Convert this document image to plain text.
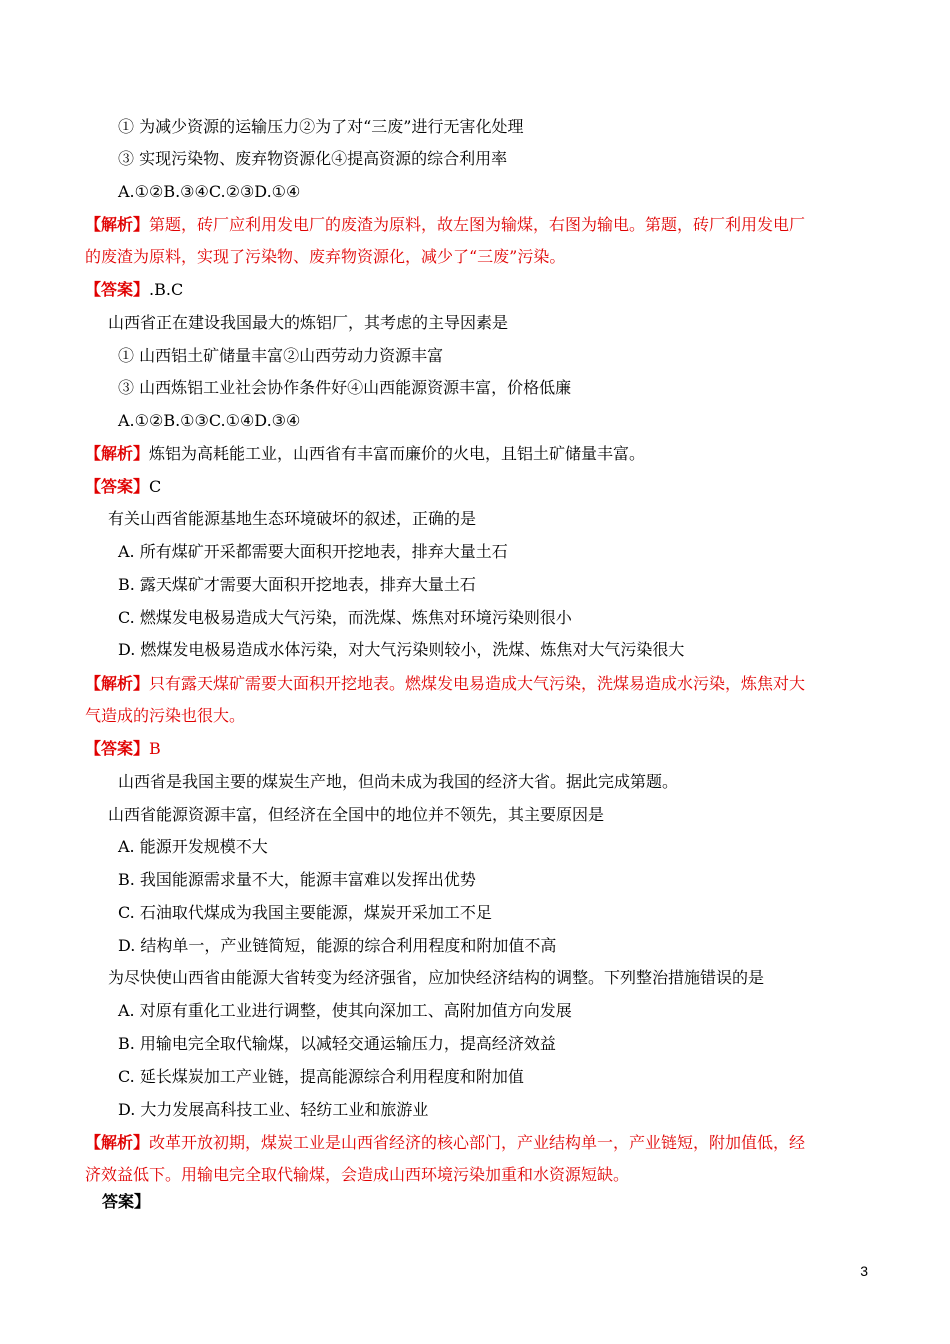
① 为减少资源的运输压力②为了对“三废”进行无害化处理
③ 实现污染物、废弃物资源化④提高资源的综合利用率
A.①②B.③④C.②③D.①④
【解析】第题，砖厂应利用发电厂的废渣为原料，故左图为输煤，右图为输电。第题，砖厂利用发电厂
的废渣为原料，实现了污染物、废弃物资源化，减少了“三废”污染。
【答案】.B.C
山西省正在建设我国最大的炼铝厂，其考虑的主导因素是
① 山西铝土矿储量丰富②山西劳动力资源丰富
③ 山西炼铝工业社会协作条件好④山西能源资源丰富，价格低廉
A.①②B.①③C.①④D.③④
【解析】炼铝为高耗能工业，山西省有丰富而廉价的火电，且铝土矿储量丰富。
【答案】C
有关山西省能源基地生态环境破坏的叙述，正确的是
A. 所有煤矿开采都需要大面积开挖地表，排弃大量土石
B. 露天煤矿才需要大面积开挖地表，排弃大量土石
C. 燃煤发电极易造成大气污染，而洗煤、炼焦对环境污染则很小
D. 燃煤发电极易造成水体污染，对大气污染则较小，洗煤、炼焦对大气污染很大
【解析】只有露天煤矿需要大面积开挖地表。燃煤发电易造成大气污染，洗煤易造成水污染，炼焦对大
气造成的污染也很大。
【答案】B
山西省是我国主要的煤炭生产地，但尚未成为我国的经济大省。据此完成第题。
山西省能源资源丰富，但经济在全国中的地位并不领先，其主要原因是
A. 能源开发规模不大
B. 我国能源需求量不大，能源丰富难以发挥出优势
C. 石油取代煤成为我国主要能源，煤炭开采加工不足
D. 结构单一，产业链简短，能源的综合利用程度和附加值不高
为尽快使山西省由能源大省转变为经济强省，应加快经济结构的调整。下列整治措施错误的是
A. 对原有重化工业进行调整，使其向深加工、高附加值方向发展
B. 用输电完全取代输煤，以减轻交通运输压力，提高经济效益
C. 延长煤炭加工产业链，提高能源综合利用程度和附加值
D. 大力发展高科技工业、轻纺工业和旅游业
【解析】改革开放初期，煤炭工业是山西省经济的核心部门，产业结构单一，产业链短，附加值低，经
济效益低下。用输电完全取代输煤，会造成山西环境污染加重和水资源短缺。
答案】
3
